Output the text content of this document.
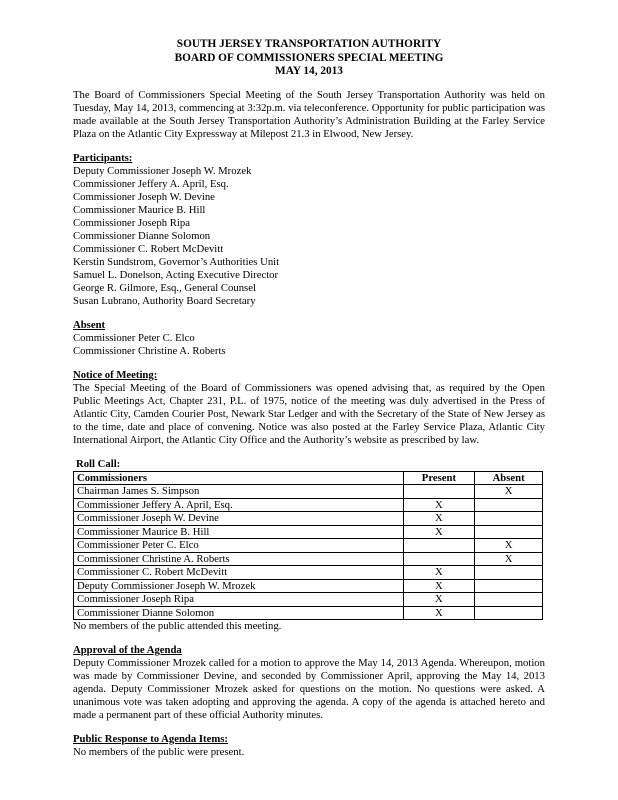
SOUTH JERSEY TRANSPORTATION AUTHORITY

BOARD OF COMMISSIONERS SPECIAL MEETING

MAY 14, 2013

The Board of Commissioners Special Meeting of the South Jersey Transportation Authority was held on Tuesday, May 14, 2013, commencing at 3:32p.m. via teleconference. Opportunity for public participation was made available at the South Jersey Transportation Authority’s Administration Building at the Farley Service Plaza on the Atlantic City Expressway at Milepost 21.3 in Elwood, New Jersey.

Participants:

Deputy Commissioner Joseph W. Mrozek
Commissioner Jeffery A. April, Esq.
Commissioner Joseph W. Devine
Commissioner Maurice B. Hill
Commissioner Joseph Ripa
Commissioner Dianne Solomon
Commissioner C. Robert McDevitt
Kerstin Sundstrom, Governor’s Authorities Unit
Samuel L. Donelson, Acting Executive Director
George R. Gilmore, Esq., General Counsel
Susan Lubrano, Authority Board Secretary

Absent

Commissioner Peter C. Elco
Commissioner Christine A. Roberts

Notice of Meeting:

The Special Meeting of the Board of Commissioners was opened advising that, as required by the Open Public Meetings Act, Chapter 231, P.L. of 1975, notice of the meeting was duly advertised in the Press of Atlantic City, Camden Courier Post, Newark Star Ledger and with the Secretary of the State of New Jersey as to the time, date and place of convening. Notice was also posted at the Farley Service Plaza, Atlantic City International Airport, the Atlantic City Office and the Authority’s website as prescribed by law.

Roll Call:

Commissioners	Present	Absent
Chairman James S. Simpson		X
Commissioner Jeffery A. April, Esq.	X	
Commissioner Joseph W. Devine	X	
Commissioner Maurice B. Hill	X	
Commissioner Peter C. Elco		X
Commissioner Christine A. Roberts		X
Commissioner C. Robert McDevitt	X	
Deputy Commissioner Joseph W. Mrozek	X	
Commissioner Joseph Ripa	X	
Commissioner Dianne Solomon	X	

No members of the public attended this meeting.

Approval of the Agenda

Deputy Commissioner Mrozek called for a motion to approve the May 14, 2013 Agenda. Whereupon, motion was made by Commissioner Devine, and seconded by Commissioner April, approving the May 14, 2013 agenda. Deputy Commissioner Mrozek asked for questions on the motion. No questions were asked. A unanimous vote was taken adopting and approving the agenda. A copy of the agenda is attached hereto and made a permanent part of these official Authority minutes.

Public Response to Agenda Items:

No members of the public were present.
